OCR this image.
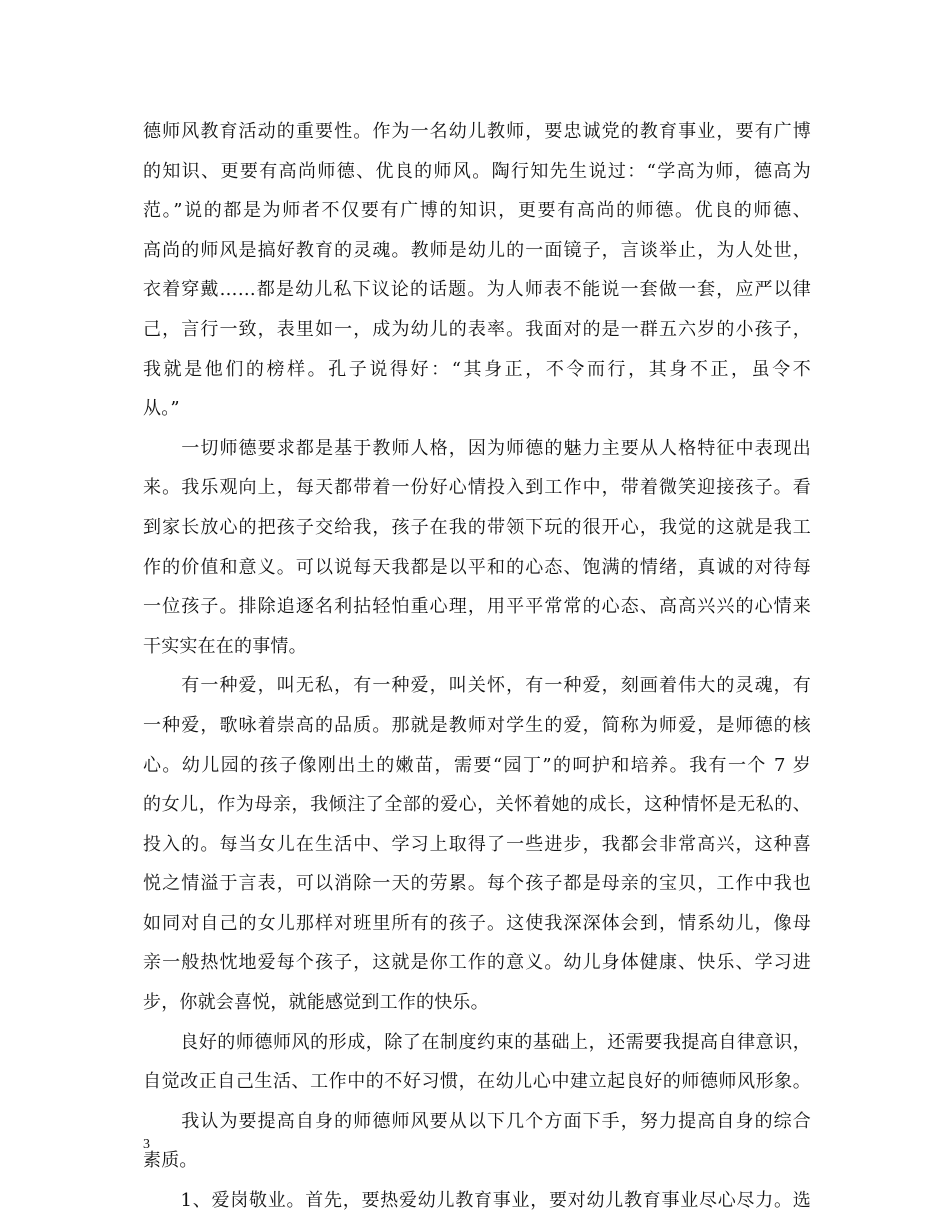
德师风教育活动的重要性。作为一名幼儿教师，要忠诚党的教育事业，要有广博
的知识、更要有高尚师德、优良的师风。陶行知先生说过：“学高为师，德高为
范。”说的都是为师者不仅要有广博的知识，更要有高尚的师德。优良的师德、
高尚的师风是搞好教育的灵魂。教师是幼儿的一面镜子，言谈举止，为人处世，
衣着穿戴……都是幼儿私下议论的话题。为人师表不能说一套做一套，应严以律
己，言行一致，表里如一，成为幼儿的表率。我面对的是一群五六岁的小孩子，
我就是他们的榜样。孔子说得好：“其身正，不令而行，其身不正，虽令不
从。”
　　一切师德要求都是基于教师人格，因为师德的魅力主要从人格特征中表现出
来。我乐观向上，每天都带着一份好心情投入到工作中，带着微笑迎接孩子。看
到家长放心的把孩子交给我，孩子在我的带领下玩的很开心，我觉的这就是我工
作的价值和意义。可以说每天我都是以平和的心态、饱满的情绪，真诚的对待每
一位孩子。排除追逐名利拈轻怕重心理，用平平常常的心态、高高兴兴的心情来
干实实在在的事情。
　　有一种爱，叫无私，有一种爱，叫关怀，有一种爱，刻画着伟大的灵魂，有
一种爱，歌咏着崇高的品质。那就是教师对学生的爱，简称为师爱，是师德的核
心。幼儿园的孩子像刚出土的嫩苗，需要“园丁”的呵护和培养。我有一个 7 岁
的女儿，作为母亲，我倾注了全部的爱心，关怀着她的成长，这种情怀是无私的、
投入的。每当女儿在生活中、学习上取得了一些进步，我都会非常高兴，这种喜
悦之情溢于言表，可以消除一天的劳累。每个孩子都是母亲的宝贝，工作中我也
如同对自己的女儿那样对班里所有的孩子。这使我深深体会到，情系幼儿，像母
亲一般热忱地爱每个孩子，这就是你工作的意义。幼儿身体健康、快乐、学习进
步，你就会喜悦，就能感觉到工作的快乐。
　　良好的师德师风的形成，除了在制度约束的基础上，还需要我提高自律意识，
自觉改正自己生活、工作中的不好习惯，在幼儿心中建立起良好的师德师风形象。
　　我认为要提高自身的师德师风要从以下几个方面下手，努力提高自身的综合
素质。
　　1、爱岗敬业。首先，要热爱幼儿教育事业，要对幼儿教育事业尽心尽力。选
3
